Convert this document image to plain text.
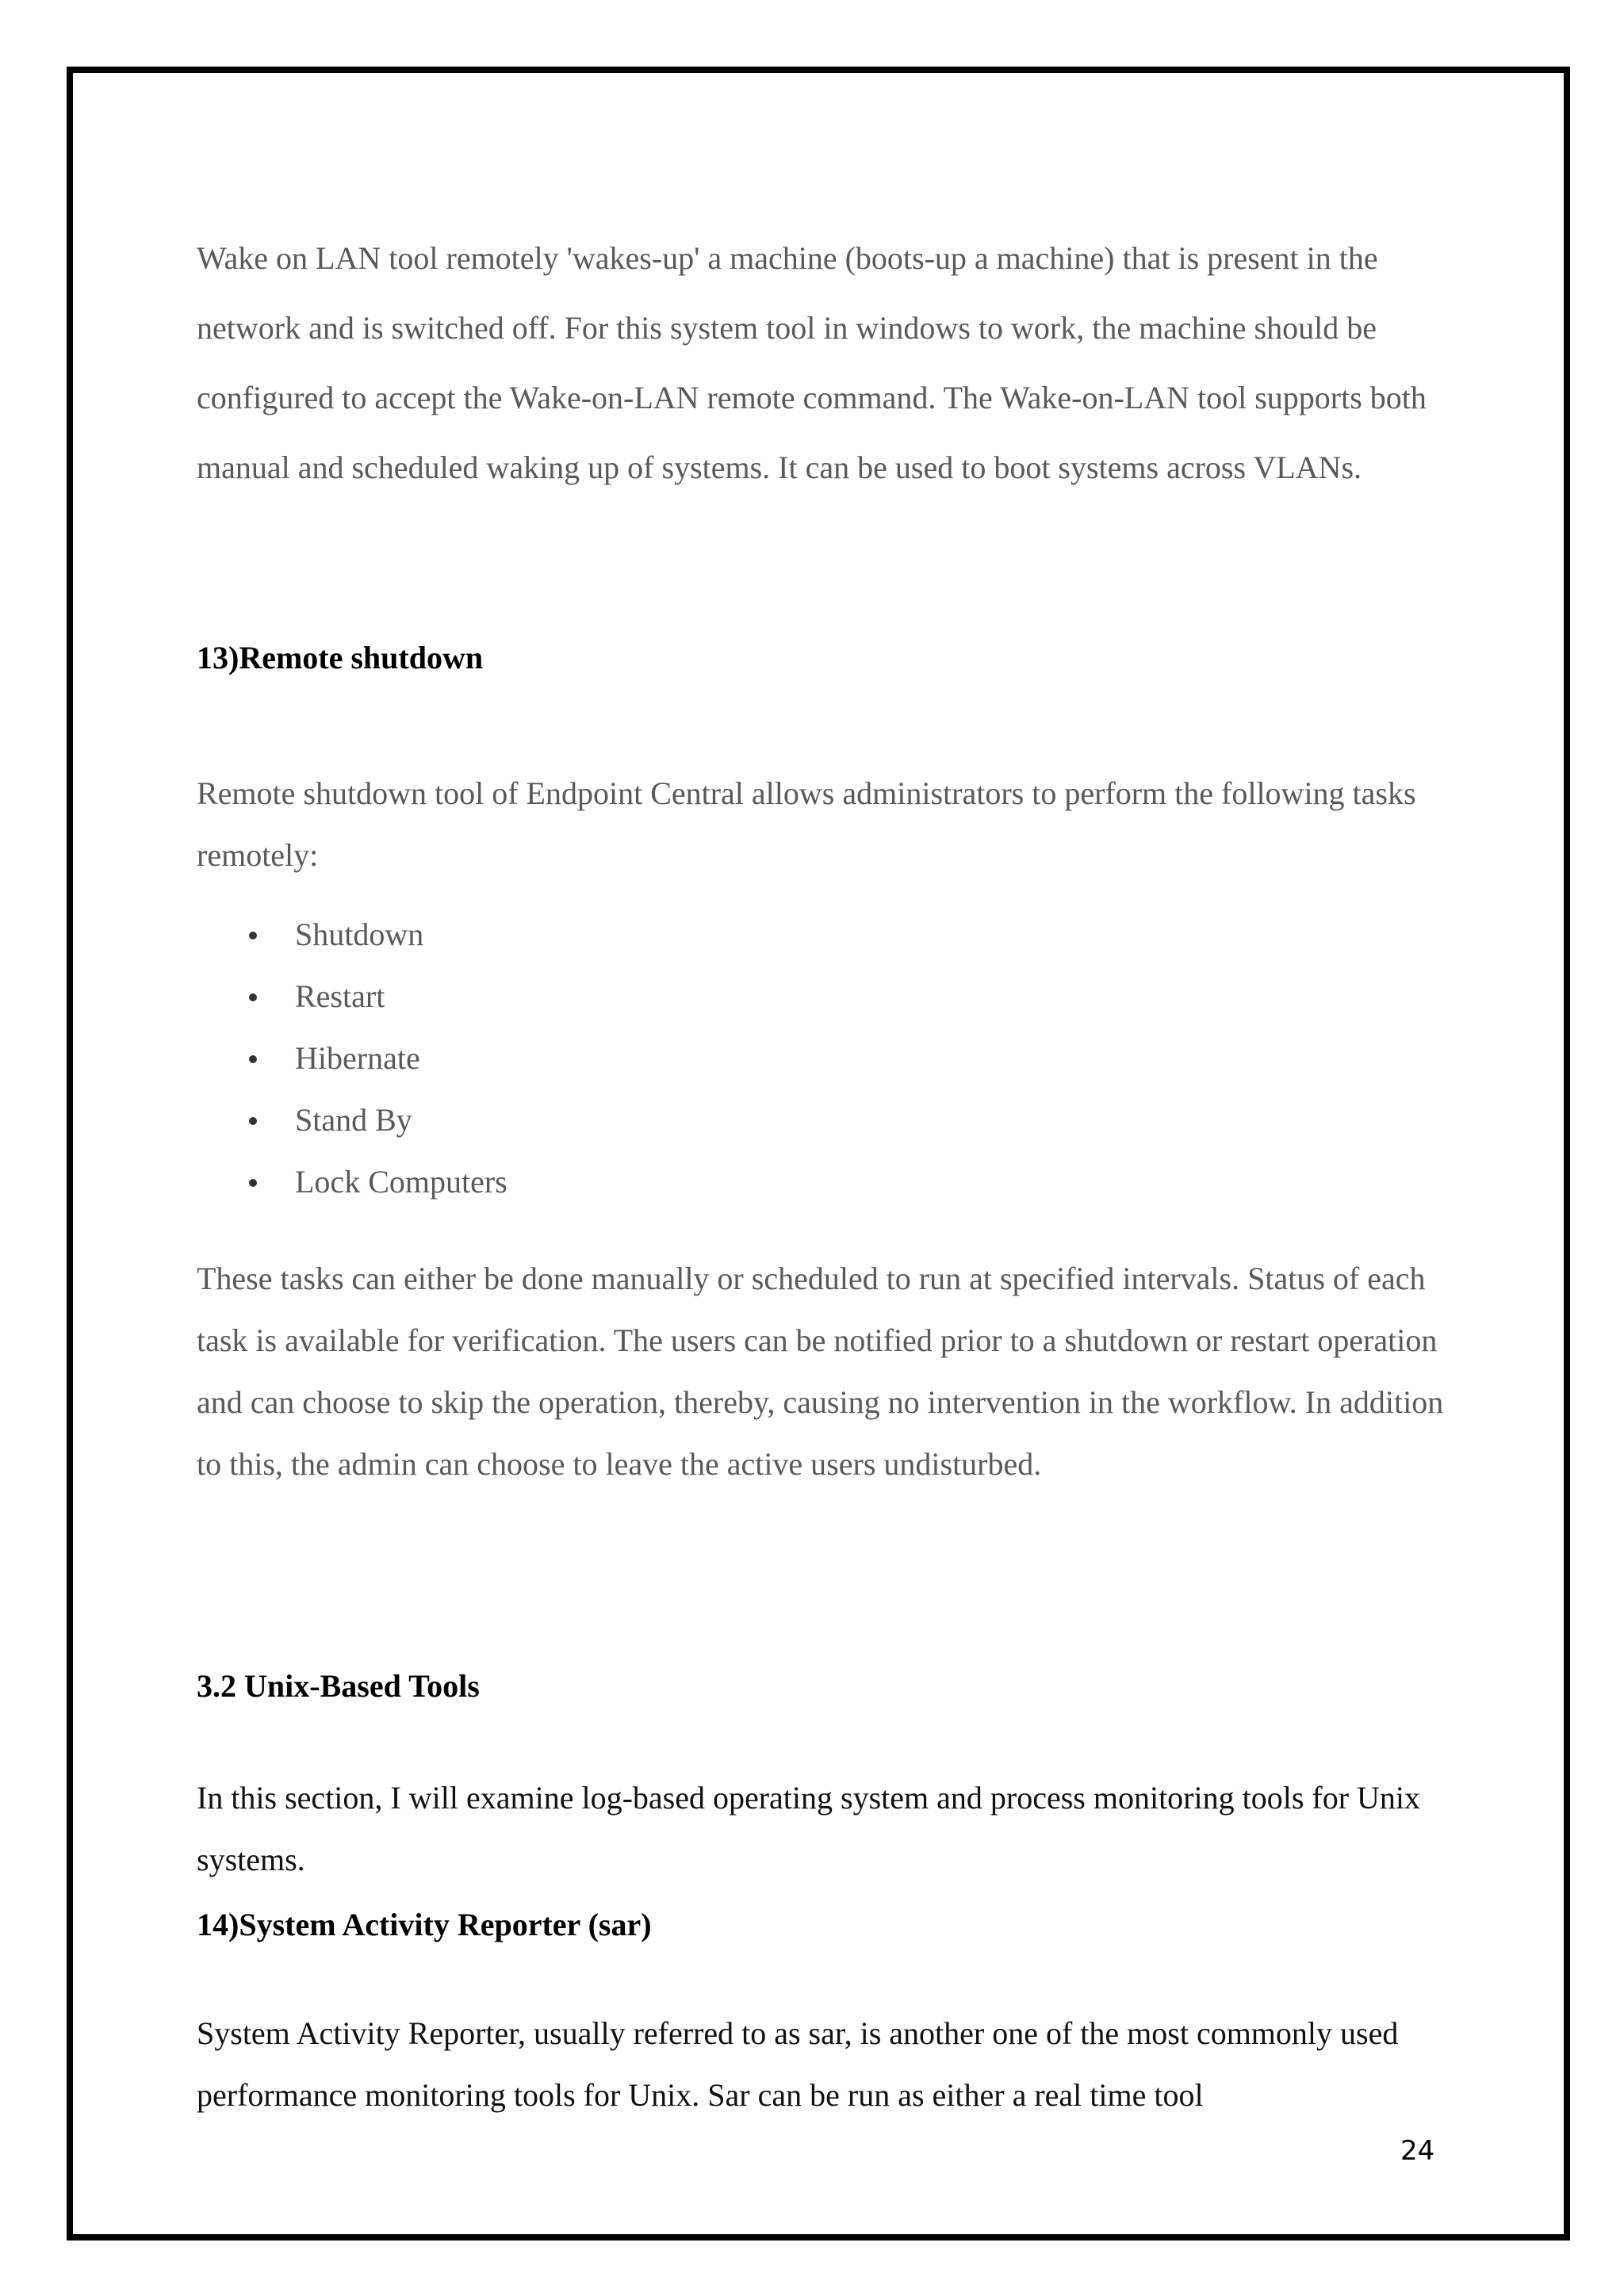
Wake on LAN tool remotely 'wakes-up' a machine (boots-up a machine) that is present in the network and is switched off. For this system tool in windows to work, the machine should be configured to accept the Wake-on-LAN remote command. The Wake-on-LAN tool supports both manual and scheduled waking up of systems. It can be used to boot systems across VLANs.

13)Remote shutdown

Remote shutdown tool of Endpoint Central allows administrators to perform the following tasks remotely:

Shutdown
Restart
Hibernate
Stand By
Lock Computers

These tasks can either be done manually or scheduled to run at specified intervals. Status of each task is available for verification. The users can be notified prior to a shutdown or restart operation and can choose to skip the operation, thereby, causing no intervention in the workflow. In addition to this, the admin can choose to leave the active users undisturbed.

3.2 Unix-Based Tools

In this section, I will examine log-based operating system and process monitoring tools for Unix systems.

14)System Activity Reporter (sar)

System Activity Reporter, usually referred to as sar, is another one of the most commonly used performance monitoring tools for Unix. Sar can be run as either a real time tool

24
